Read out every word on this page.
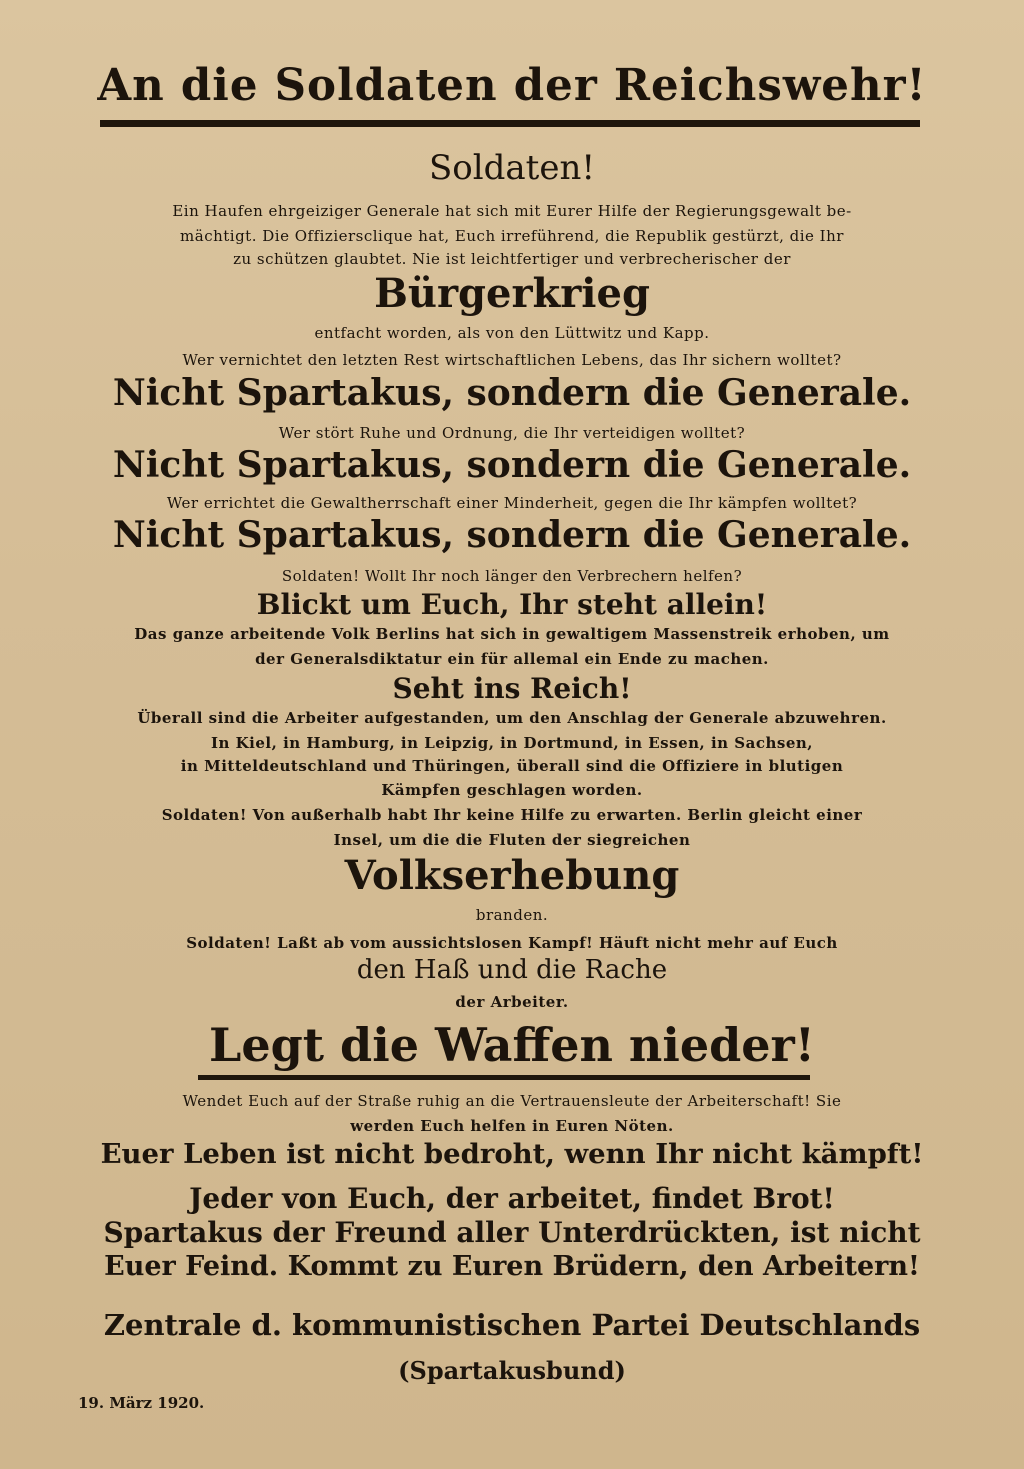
An die Soldaten der Reichswehr!
Soldaten!
Ein Haufen ehrgeiziger Generale hat sich mit Eurer Hilfe der Regierungsgewalt be-
mächtigt. Die Offiziersclique hat, Euch irreführend, die Republik gestürzt, die Ihr
zu schützen glaubtet. Nie ist leichtfertiger und verbrecherischer der
Bürgerkrieg
entfacht worden, als von den Lüttwitz und Kapp.
Wer vernichtet den letzten Rest wirtschaftlichen Lebens, das Ihr sichern wolltet?
Nicht Spartakus, sondern die Generale.
Wer stört Ruhe und Ordnung, die Ihr verteidigen wolltet?
Nicht Spartakus, sondern die Generale.
Wer errichtet die Gewaltherrschaft einer Minderheit, gegen die Ihr kämpfen wolltet?
Nicht Spartakus, sondern die Generale.
Soldaten! Wollt Ihr noch länger den Verbrechern helfen?
Blickt um Euch, Ihr steht allein!
Das ganze arbeitende Volk Berlins hat sich in gewaltigem Massenstreik erhoben, um
der Generalsdiktatur ein für allemal ein Ende zu machen.
Seht ins Reich!
Überall sind die Arbeiter aufgestanden, um den Anschlag der Generale abzuwehren.
In Kiel, in Hamburg, in Leipzig, in Dortmund, in Essen, in Sachsen,
in Mitteldeutschland und Thüringen, überall sind die Offiziere in blutigen
Kämpfen geschlagen worden.
Soldaten! Von außerhalb habt Ihr keine Hilfe zu erwarten. Berlin gleicht einer
Insel, um die die Fluten der siegreichen
Volkserhebung
branden.
Soldaten! Laßt ab vom aussichtslosen Kampf! Häuft nicht mehr auf Euch
den Haß und die Rache
der Arbeiter.
Legt die Waffen nieder!
Wendet Euch auf der Straße ruhig an die Vertrauensleute der Arbeiterschaft! Sie
werden Euch helfen in Euren Nöten.
Euer Leben ist nicht bedroht, wenn Ihr nicht kämpft!
Jeder von Euch, der arbeitet, findet Brot!
Spartakus der Freund aller Unterdrückten, ist nicht
Euer Feind. Kommt zu Euren Brüdern, den Arbeitern!
Zentrale d. kommunistischen Partei Deutschlands
(Spartakusbund)
19. März 1920.
